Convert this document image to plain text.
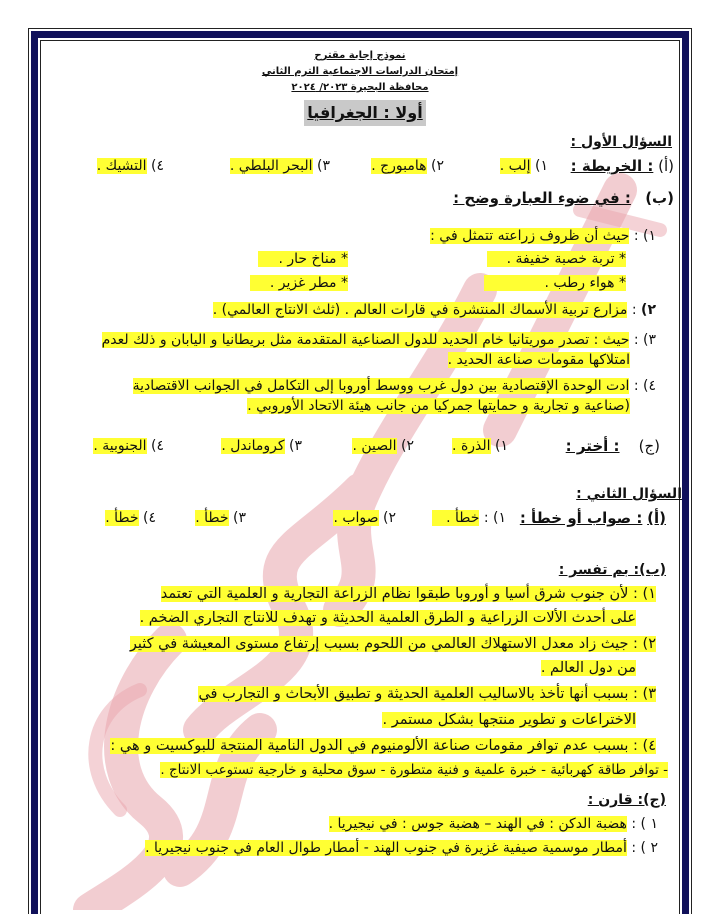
نموذج إجابة مقترح
إمتحان الدراسات الاجتماعية الترم الثاني
محافظة البحيرة ٢٠٢٣/ ٢٠٢٤
أولا : الجغرافيا
السؤال الأول :
(أ) : الخريطة :
١) إلب .
٢) هامبورج .
٣) البحر البلطي .
٤) التشيك .
(ب)   : في ضوء العبارة وضح :
١) : حيث أن ظروف زراعته تتمثل في :
* تربة خصبة خفيفة .
* مناخ حار .
* هواء رطب .
* مطر غزير .
٢) : مزارع تربية الأسماك المنتشرة في قارات العالم . (ثلث الانتاج العالمي) .
٣) : حيث : تصدر موريتانيا خام الحديد للدول الصناعية المتقدمة مثل بريطانيا و اليابان و ذلك لعدم
امتلاكها مقومات صناعة الحديد .
٤) : ادت الوحدة الإقتصادية بين دول غرب ووسط أوروبا إلى التكامل في الجوانب الاقتصادية
(صناعية و تجارية و حمايتها جمركيا من جانب هيئة الاتحاد الأوروبي .
(ج)    : أختر :
١) الذرة .
٢) الصين .
٣) كروماندل .
٤) الجنوبية .
السؤال الثاني :
(أ) : صواب أو خطأ :
١) : خطأ .
٢) صواب .
٣) خطأ .
٤) خطأ .
(ب): بم تفسر :
١) : لأن جنوب شرق أسيا و أوروبا طبقوا نظام الزراعة التجارية و العلمية التي تعتمد
على أحدث الألات الزراعية و الطرق العلمية الحديثة و تهدف للانتاج التجاري الضخم .
٢) : جيث زاد معدل الاستهلاك العالمي من اللحوم بسبب إرتفاع مستوى المعيشة في كثير
من دول العالم .
٣) : بسبب أنها تأخذ بالاساليب العلمية الحديثة و تطبيق الأبحاث و التجارب في
الاختراعات و تطوير منتجها بشكل مستمر .
٤) : بسبب عدم توافر مقومات صناعة الألومنيوم في الدول النامية المنتجة للبوكسيت و هي :
- توافر طاقة كهربائية - خبرة علمية و فنية متطورة - سوق محلية و خارجية تستوعب الانتاج .
(ج): قارن :
١ ) : هضبة الدكن : في الهند – هضبة جوس : في نيجيريا .
٢ ) : أمطار موسمية صيفية غزيرة في جنوب الهند - أمطار طوال العام في جنوب نيجيريا .
